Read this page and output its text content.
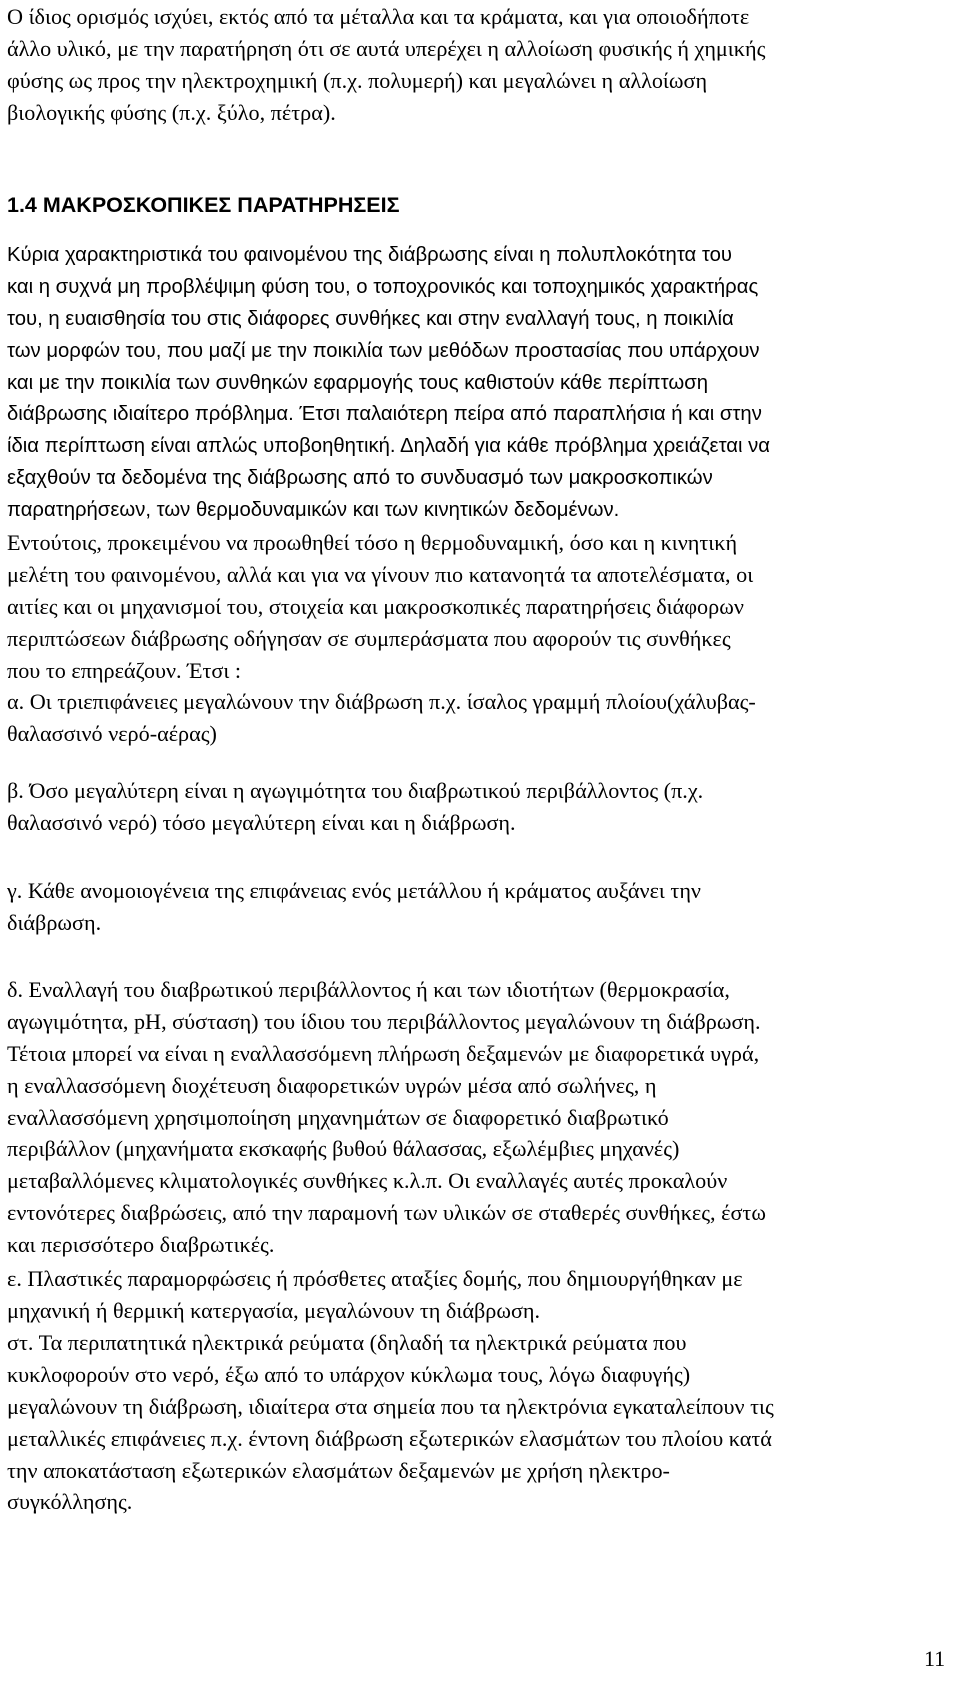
Ο ίδιος ορισμός ισχύει, εκτός από τα μέταλλα και τα κράματα, και για οποιοδήποτε
άλλο υλικό, με την παρατήρηση ότι σε αυτά υπερέχει η αλλοίωση φυσικής ή χημικής
φύσης ως προς την ηλεκτροχημική (π.χ. πολυμερή) και μεγαλώνει η αλλοίωση
βιολογικής φύσης (π.χ. ξύλο, πέτρα).
1.4 ΜΑΚΡΟΣΚΟΠΙΚΕΣ ΠΑΡΑΤΗΡΗΣΕΙΣ
Κύρια χαρακτηριστικά του φαινομένου της διάβρωσης είναι η πολυπλοκότητα του
και η συχνά μη προβλέψιμη φύση του, ο τοποχρονικός και τοποχημικός χαρακτήρας
του, η ευαισθησία του στις διάφορες συνθήκες και στην εναλλαγή τους, η ποικιλία
των μορφών του, που μαζί με την ποικιλία των μεθόδων προστασίας που υπάρχουν
και με την ποικιλία των συνθηκών εφαρμογής τους καθιστούν κάθε περίπτωση
διάβρωσης ιδιαίτερο πρόβλημα. Έτσι παλαιότερη πείρα από παραπλήσια ή και στην
ίδια περίπτωση είναι απλώς υποβοηθητική. Δηλαδή για κάθε πρόβλημα χρειάζεται να
εξαχθούν τα δεδομένα της διάβρωσης από το συνδυασμό των μακροσκοπικών
παρατηρήσεων, των θερμοδυναμικών και των κινητικών δεδομένων.
Εντούτοις, προκειμένου να προωθηθεί τόσο η θερμοδυναμική, όσο και η κινητική
μελέτη του φαινομένου, αλλά και για να γίνουν πιο κατανοητά τα αποτελέσματα, οι
αιτίες και οι μηχανισμοί του, στοιχεία και μακροσκοπικές παρατηρήσεις διάφορων
περιπτώσεων διάβρωσης οδήγησαν σε συμπεράσματα που αφορούν τις συνθήκες
που το επηρεάζουν. Έτσι :
α. Οι τριεπιφάνειες μεγαλώνουν την διάβρωση π.χ. ίσαλος γραμμή πλοίου(χάλυβας-
θαλασσινό νερό-αέρας)
β. Όσο μεγαλύτερη είναι η αγωγιμότητα του διαβρωτικού περιβάλλοντος (π.χ.
θαλασσινό νερό) τόσο μεγαλύτερη είναι και η διάβρωση.
γ. Κάθε ανομοιογένεια της επιφάνειας ενός μετάλλου ή κράματος αυξάνει την
διάβρωση.
δ. Εναλλαγή του διαβρωτικού περιβάλλοντος ή και των ιδιοτήτων (θερμοκρασία,
αγωγιμότητα, pH, σύσταση) του ίδιου του περιβάλλοντος μεγαλώνουν τη διάβρωση.
Τέτοια μπορεί να είναι η εναλλασσόμενη πλήρωση δεξαμενών με διαφορετικά υγρά,
η εναλλασσόμενη διοχέτευση διαφορετικών υγρών μέσα από σωλήνες, η
εναλλασσόμενη χρησιμοποίηση μηχανημάτων σε διαφορετικό διαβρωτικό
περιβάλλον (μηχανήματα εκσκαφής βυθού θάλασσας, εξωλέμβιες μηχανές)
μεταβαλλόμενες κλιματολογικές συνθήκες κ.λ.π. Οι εναλλαγές αυτές προκαλούν
εντονότερες διαβρώσεις, από την παραμονή των υλικών σε σταθερές συνθήκες, έστω
και περισσότερο διαβρωτικές.
ε. Πλαστικές παραμορφώσεις ή πρόσθετες αταξίες δομής, που δημιουργήθηκαν με
μηχανική ή θερμική κατεργασία, μεγαλώνουν τη διάβρωση.
στ. Τα περιπατητικά ηλεκτρικά ρεύματα (δηλαδή τα ηλεκτρικά ρεύματα που
κυκλοφορούν στο νερό, έξω από το υπάρχον κύκλωμα τους, λόγω διαφυγής)
μεγαλώνουν τη διάβρωση, ιδιαίτερα στα σημεία που τα ηλεκτρόνια εγκαταλείπουν τις
μεταλλικές επιφάνειες π.χ. έντονη διάβρωση εξωτερικών ελασμάτων του πλοίου κατά
την αποκατάσταση εξωτερικών ελασμάτων δεξαμενών με χρήση ηλεκτρο-
συγκόλλησης.
11
